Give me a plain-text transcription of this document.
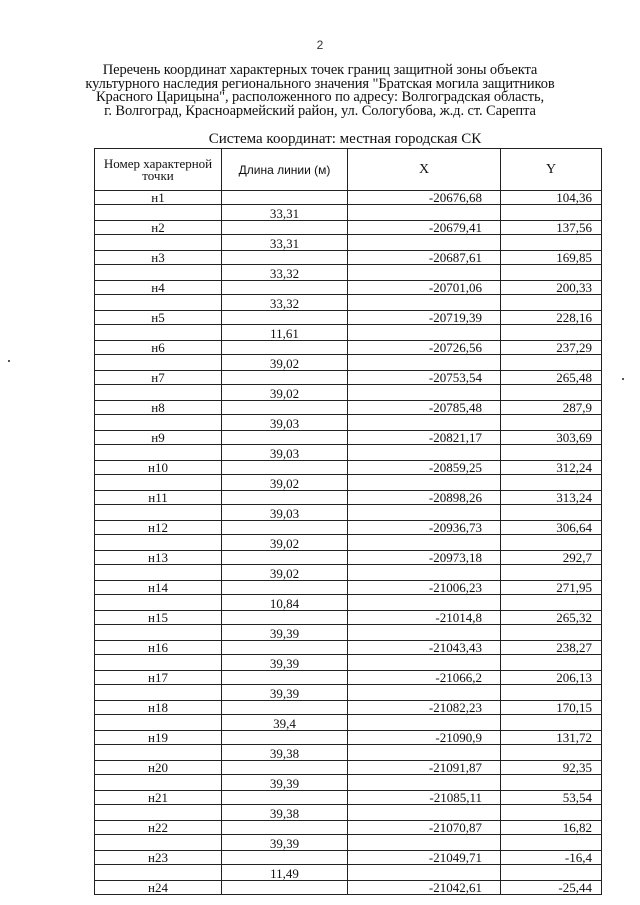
2
Перечень координат характерных точек границ защитной зоны объекта
культурного наследия регионального значения "Братская могила защитников
Красного Царицына", расположенного по адресу: Волгоградская область,
г. Волгоград, Красноармейский район, ул. Сологубова, ж.д. ст. Сарепта
Система координат: местная городская СК
Номер характерной точки	Длина линии (м)	X	Y
н1		-20676,68	104,36
	33,31		
н2		-20679,41	137,56
	33,31		
н3		-20687,61	169,85
	33,32		
н4		-20701,06	200,33
	33,32		
н5		-20719,39	228,16
	11,61		
н6		-20726,56	237,29
	39,02		
н7		-20753,54	265,48
	39,02		
н8		-20785,48	287,9
	39,03		
н9		-20821,17	303,69
	39,03		
н10		-20859,25	312,24
	39,02		
н11		-20898,26	313,24
	39,03		
н12		-20936,73	306,64
	39,02		
н13		-20973,18	292,7
	39,02		
н14		-21006,23	271,95
	10,84		
н15		-21014,8	265,32
	39,39		
н16		-21043,43	238,27
	39,39		
н17		-21066,2	206,13
	39,39		
н18		-21082,23	170,15
	39,4		
н19		-21090,9	131,72
	39,38		
н20		-21091,87	92,35
	39,39		
н21		-21085,11	53,54
	39,38		
н22		-21070,87	16,82
	39,39		
н23		-21049,71	-16,4
	11,49		
н24		-21042,61	-25,44
